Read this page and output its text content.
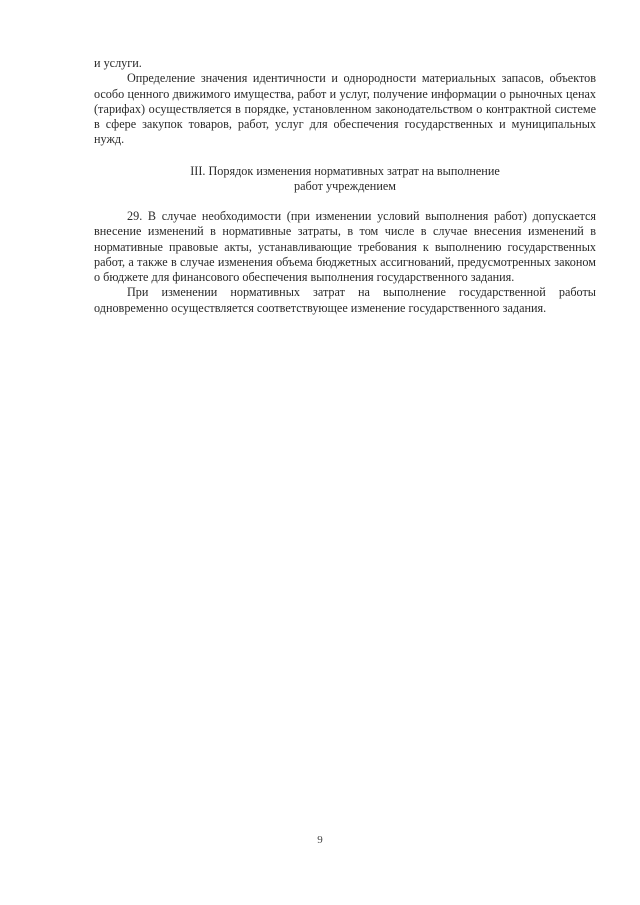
и услуги.

Определение значения идентичности и однородности материальных запасов, объектов особо ценного движимого имущества, работ и услуг, получение информации о рыночных ценах (тарифах) осуществляется в порядке, установленном законодательством о контрактной системе в сфере закупок товаров, работ, услуг для обеспечения государственных и муниципальных нужд.

III. Порядок изменения нормативных затрат на выполнение

работ учреждением

29. В случае необходимости (при изменении условий выполнения работ) допускается внесение изменений в нормативные затраты, в том числе в случае внесения изменений в нормативные правовые акты, устанавливающие требования к выполнению государственных работ, а также в случае изменения объема бюджетных ассигнований, предусмотренных законом о бюджете для финансового обеспечения выполнения государственного задания.

При изменении нормативных затрат на выполнение государственной работы одновременно осуществляется соответствующее изменение государственного задания.

9
